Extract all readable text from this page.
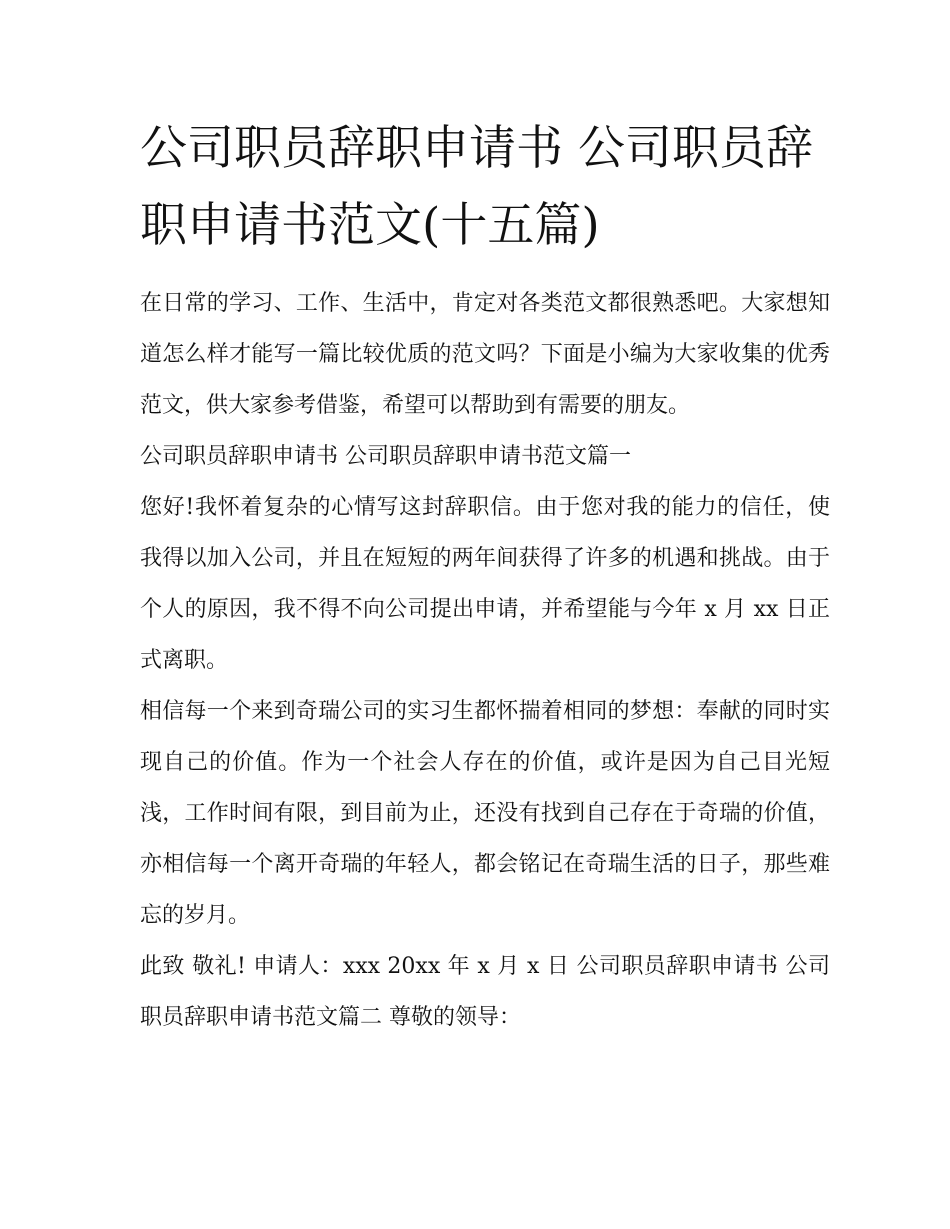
公司职员辞职申请书 公司职员辞职申请书范文(十五篇)

在日常的学习、工作、生活中，肯定对各类范文都很熟悉吧。大家想知道怎么样才能写一篇比较优质的范文吗？下面是小编为大家收集的优秀范文，供大家参考借鉴，希望可以帮助到有需要的朋友。

公司职员辞职申请书 公司职员辞职申请书范文篇一

您好!我怀着复杂的心情写这封辞职信。由于您对我的能力的信任，使我得以加入公司，并且在短短的两年间获得了许多的机遇和挑战。由于个人的原因，我不得不向公司提出申请，并希望能与今年 x 月 xx 日正式离职。

相信每一个来到奇瑞公司的实习生都怀揣着相同的梦想：奉献的同时实现自己的价值。作为一个社会人存在的价值，或许是因为自己目光短浅，工作时间有限，到目前为止，还没有找到自己存在于奇瑞的价值，亦相信每一个离开奇瑞的年轻人，都会铭记在奇瑞生活的日子，那些难忘的岁月。

此致 敬礼! 申请人：xxx 20xx 年 x 月 x 日 公司职员辞职申请书 公司职员辞职申请书范文篇二 尊敬的领导：
